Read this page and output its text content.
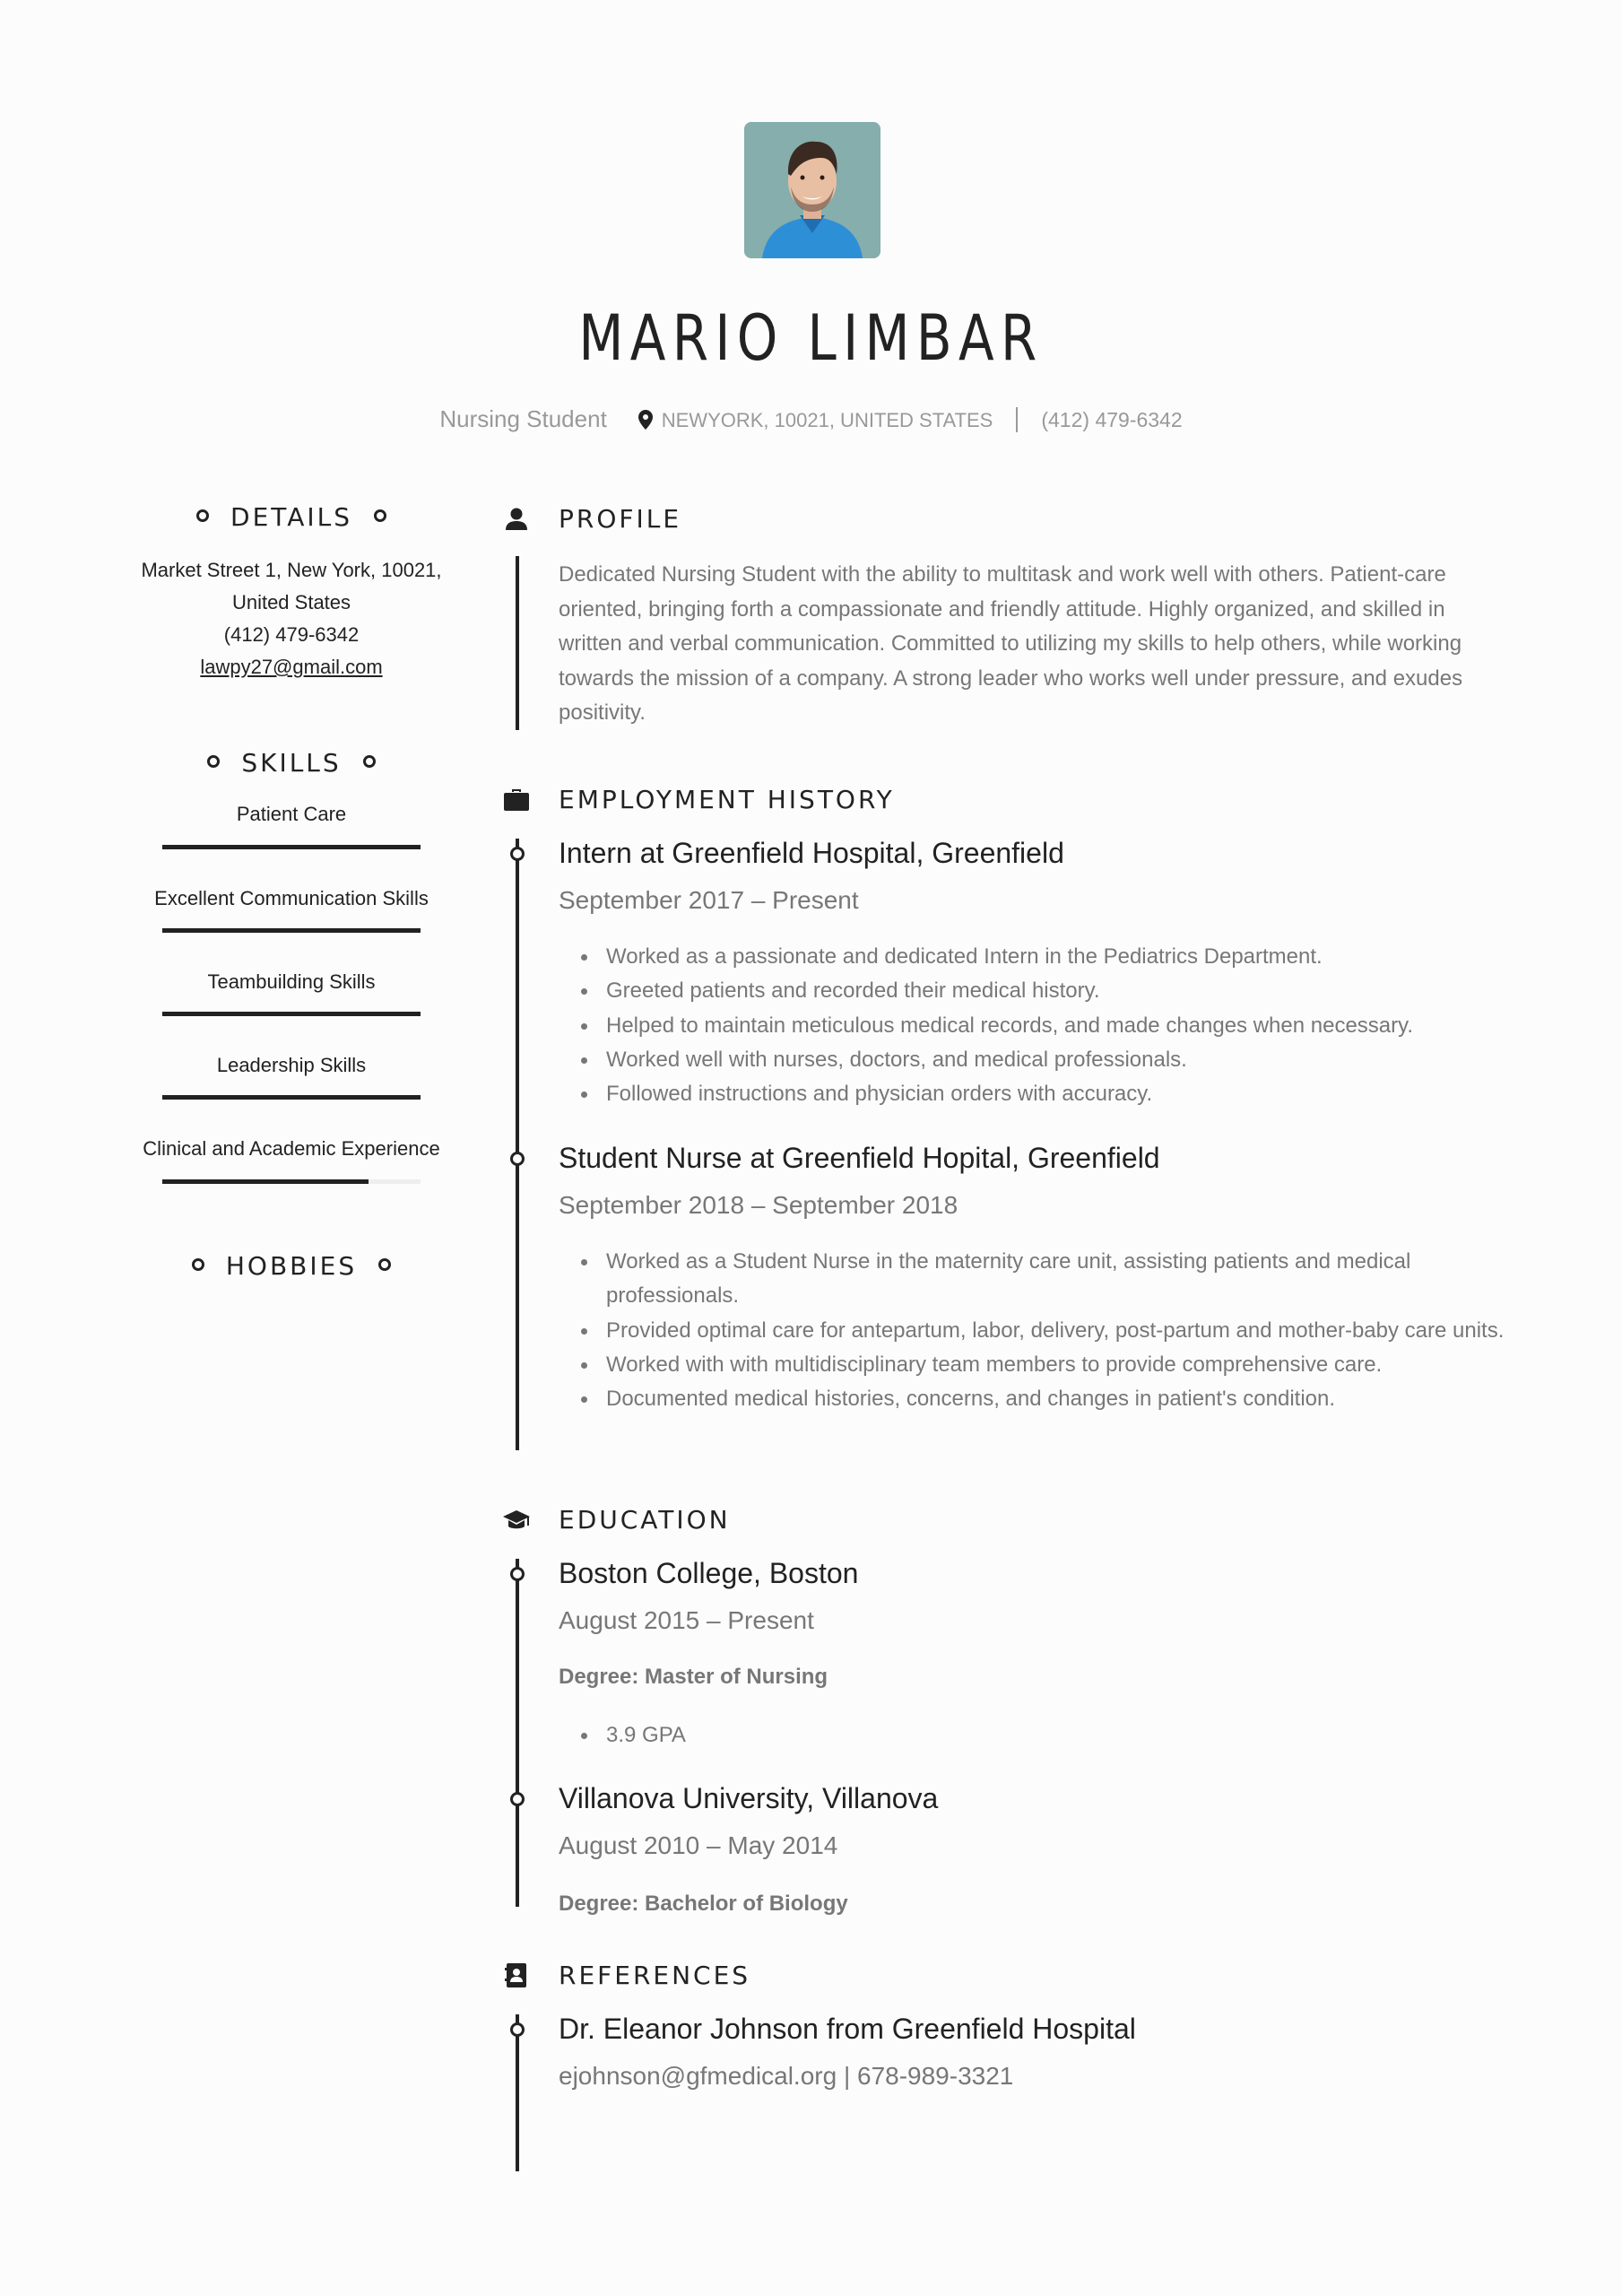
MARIO LIMBAR
Nursing Student	NEWYORK, 10021, UNITED STATES (412) 479-6342
DETAILS
Market Street 1, New York, 10021,
United States
(412) 479-6342
lawpy27@gmail.com
SKILLS
Patient Care
Excellent Communication Skills
Teambuilding Skills
Leadership Skills
Clinical and Academic Experience
HOBBIES
PROFILE
Dedicated Nursing Student with the ability to multitask and work well with others. Patient-care oriented, bringing forth a compassionate and friendly attitude. Highly organized, and skilled in written and verbal communication. Committed to utilizing my skills to help others, while working towards the mission of a company. A strong leader who works well under pressure, and exudes positivity.
EMPLOYMENT HISTORY
Intern at Greenfield Hospital, Greenfield
September 2017 – Present
Worked as a passionate and dedicated Intern in the Pediatrics Department.
Greeted patients and recorded their medical history.
Helped to maintain meticulous medical records, and made changes when necessary.
Worked well with nurses, doctors, and medical professionals.
Followed instructions and physician orders with accuracy.
Student Nurse at Greenfield Hopital, Greenfield
September 2018 – September 2018
Worked as a Student Nurse in the maternity care unit, assisting patients and medical professionals.
Provided optimal care for antepartum, labor, delivery, post-partum and mother-baby care units.
Worked with with multidisciplinary team members to provide comprehensive care.
Documented medical histories, concerns, and changes in patient's condition.
EDUCATION
Boston College, Boston
August 2015 – Present
Degree: Master of Nursing
3.9 GPA
Villanova University, Villanova
August 2010 – May 2014
Degree: Bachelor of Biology
REFERENCES
Dr. Eleanor Johnson from Greenfield Hospital
ejohnson@gfmedical.org | 678-989-3321
